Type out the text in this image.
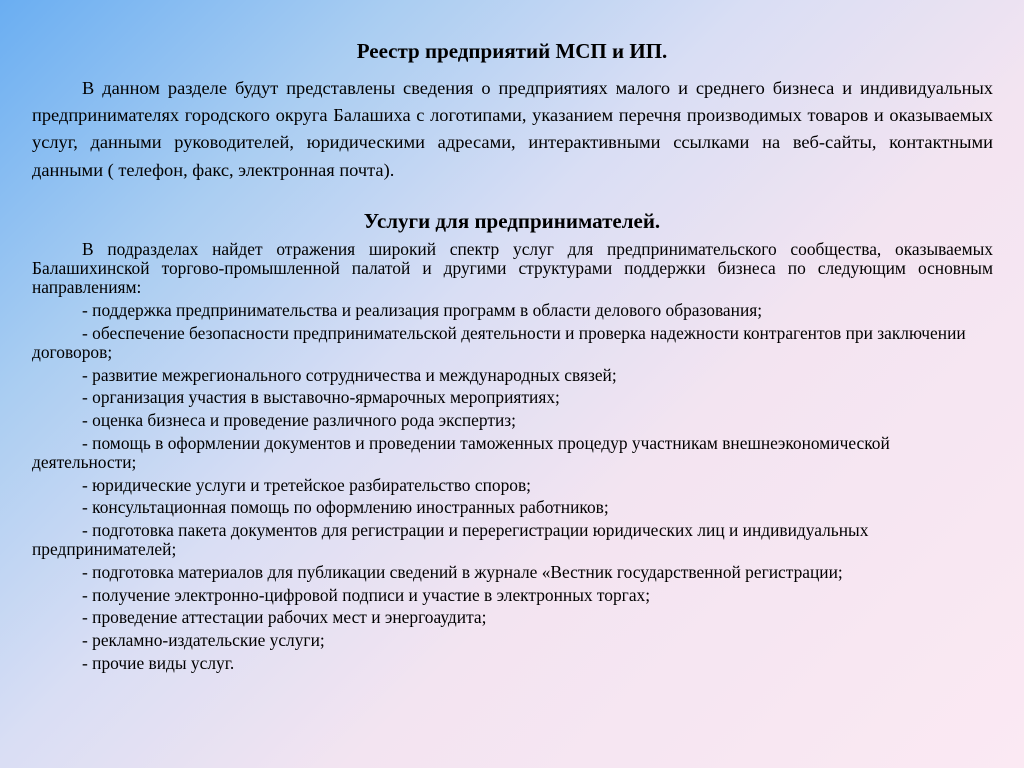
Реестр предприятий МСП и ИП.

В данном разделе будут представлены сведения о предприятиях малого и среднего бизнеса и индивидуальных предпринимателях городского округа Балашиха с логотипами, указанием перечня производимых товаров и оказываемых услуг, данными руководителей, юридическими адресами, интерактивными ссылками на веб-сайты, контактными данными ( телефон, факс, электронная почта).

Услуги для предпринимателей.

В подразделах найдет отражения широкий спектр услуг для предпринимательского сообщества, оказываемых Балашихинской торгово-промышленной палатой и другими структурами поддержки бизнеса по следующим основным направлениям:

- поддержка предпринимательства и реализация программ в области делового образования;

- обеспечение безопасности предпринимательской деятельности и проверка надежности контрагентов при заключении договоров;

- развитие межрегионального сотрудничества и международных связей;

- организация участия в выставочно-ярмарочных мероприятиях;

- оценка бизнеса и проведение различного рода экспертиз;

- помощь в оформлении документов и проведении таможенных процедур участникам внешнеэкономической деятельности;

- юридические услуги и третейское разбирательство споров;

- консультационная помощь по оформлению иностранных работников;

- подготовка пакета документов для регистрации и перерегистрации юридических лиц и индивидуальных предпринимателей;

- подготовка материалов для публикации сведений в журнале «Вестник государственной регистрации;

- получение электронно-цифровой подписи и участие в электронных торгах;

- проведение аттестации рабочих мест и энергоаудита;

- рекламно-издательские услуги;

- прочие виды услуг.
